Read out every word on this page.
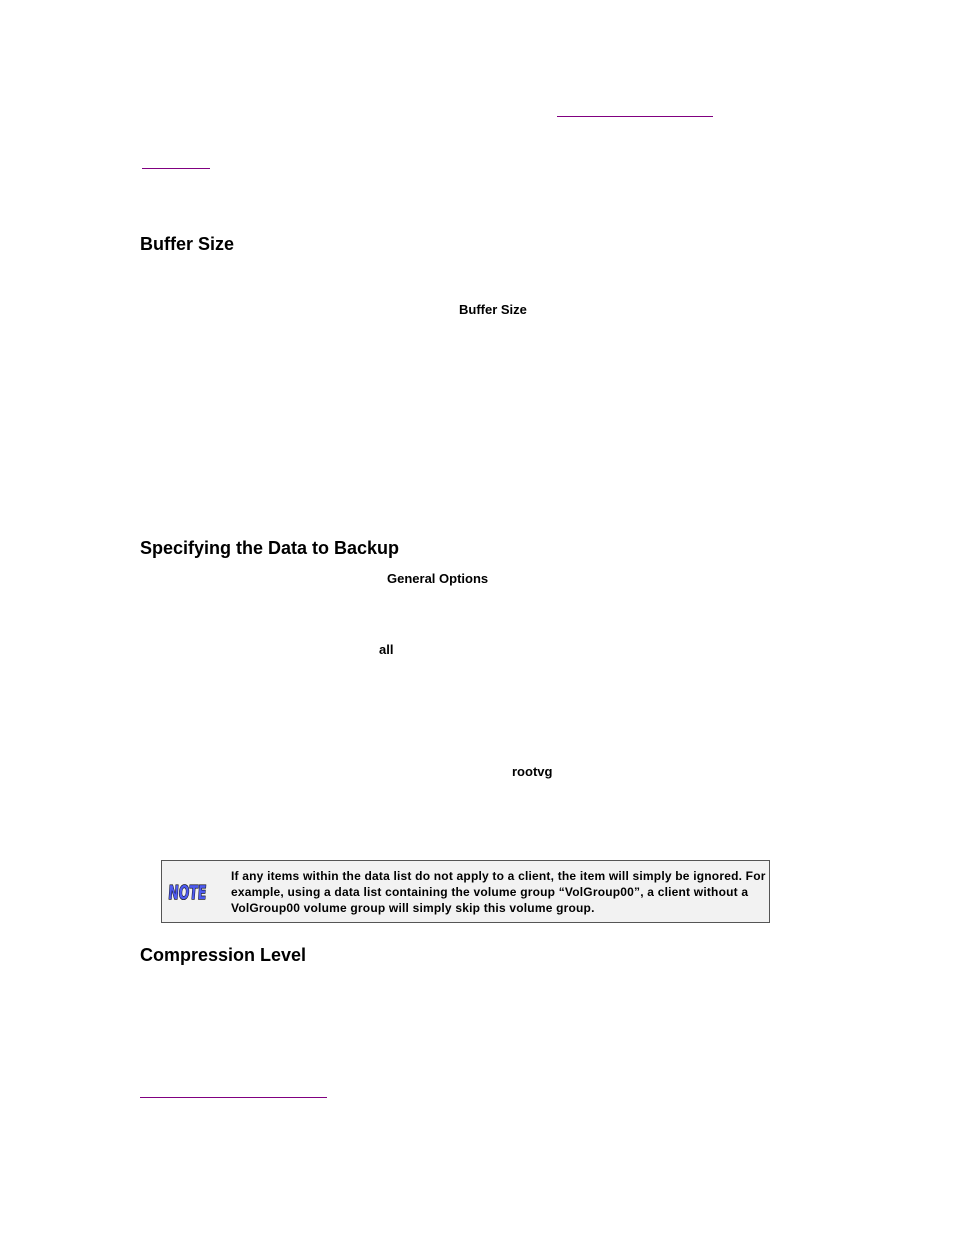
Buffer Size
Buffer Size
Specifying the Data to Backup
General Options
all
rootvg
NOTE
If any items within the data list do not apply to a client, the item will simply be ignored. For example, using a data list containing the volume group “VolGroup00”, a client without a VolGroup00 volume group will simply skip this volume group.
Compression Level
